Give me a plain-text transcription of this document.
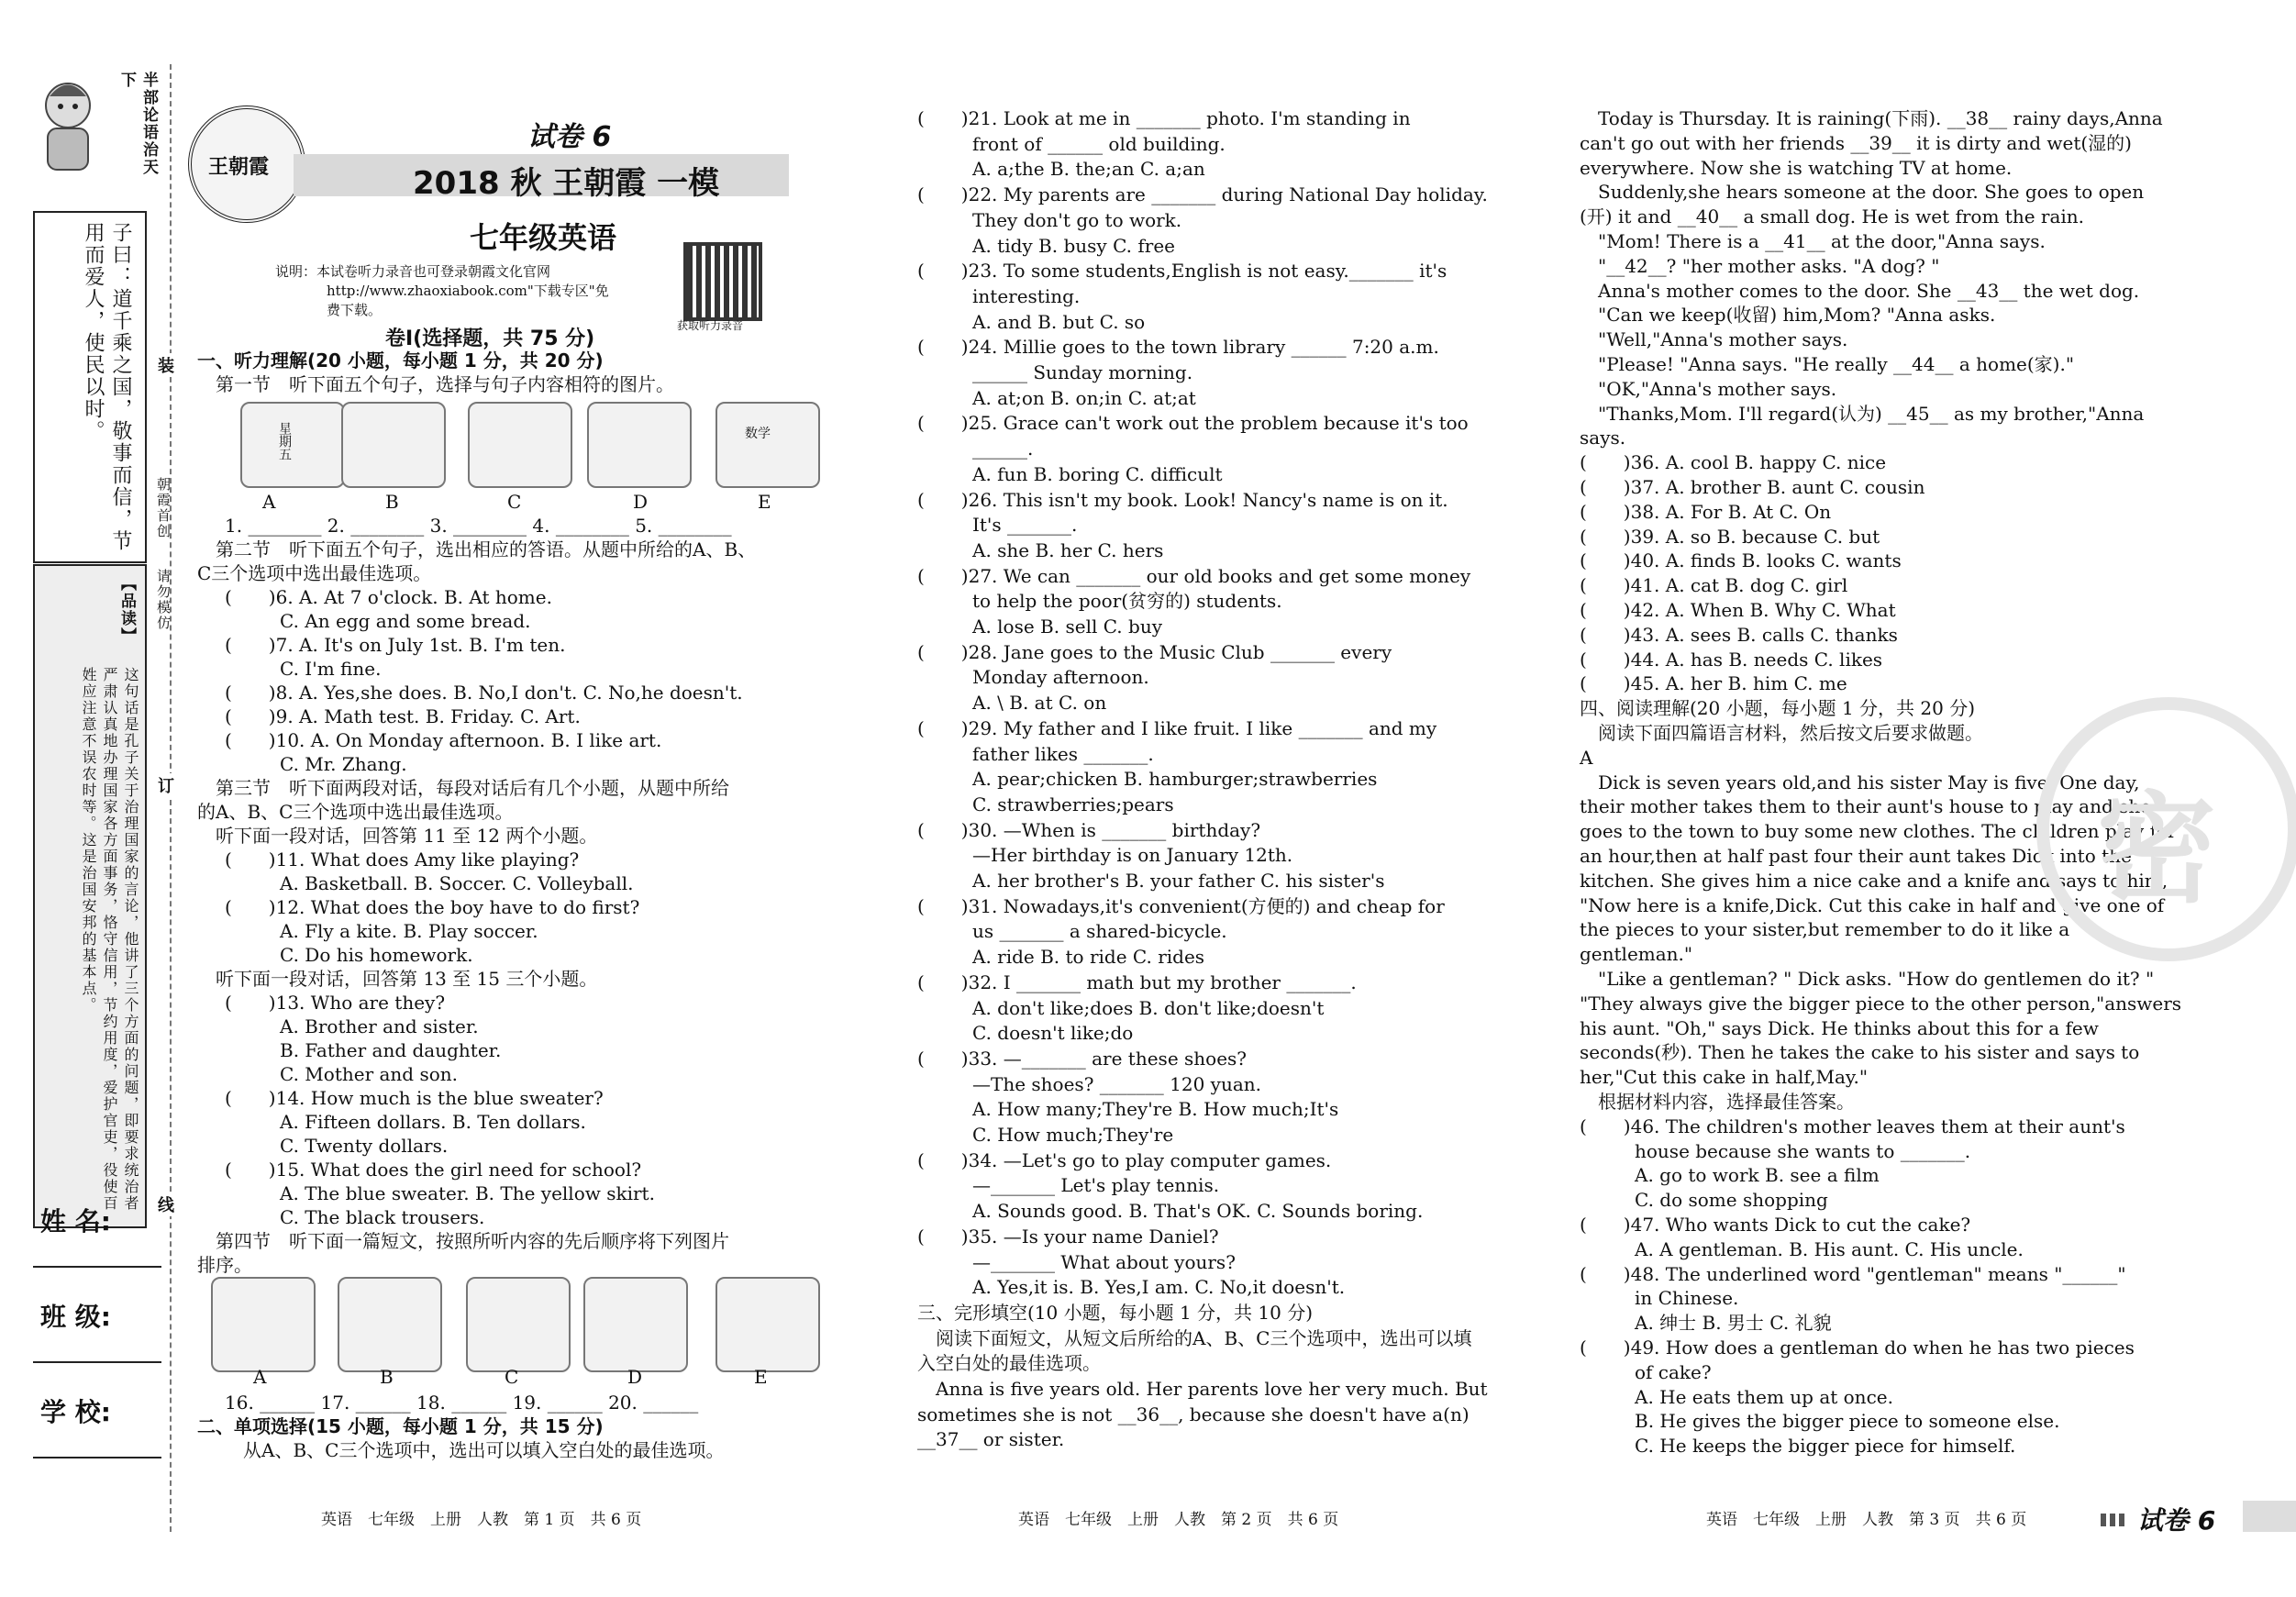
半部论语治天下
子曰：道千乘之国，敬事而信，节用而爱人，使民以时。
【品读】
这句话是孔子关于治理国家的言论，他讲了三个方面的问题，即要求统治者严肃认真地办理国家各方面事务，恪守信用，节约用度，爱护官吏，役使百姓应注意不误农时等。这是治国安邦的基本点。
姓 名:
班 级:
学 校:
装
订
线
朝霞首创
请勿模仿
王朝霞
试卷 6
2018 秋 王朝霞 一模
七年级英语
说明：本试卷听力录音也可登录朝霞文化官网
http://www.zhaoxiabook.com"下载专区"免
费下载。
获取听力录音
卷Ⅰ(选择题，共 75 分)
一、听力理解(20 小题，每小题 1 分，共 20 分)
　第一节　听下面五个句子，选择与句子内容相符的图片。
星期五	数学
A	B	C	D	E
1. ________ 2. ________ 3. ________ 4. ________ 5. ________
　第二节　听下面五个句子，选出相应的答语。从题中所给的A、B、
C三个选项中选出最佳选项。
(　　)6. A. At 7 o'clock. B. At home.
　　　C. An egg and some bread.
(　　)7. A. It's on July 1st. B. I'm ten.
　　　C. I'm fine.
(　　)8. A. Yes,she does. B. No,I don't. C. No,he doesn't.
(　　)9. A. Math test. B. Friday. C. Art.
(　　)10. A. On Monday afternoon. B. I like art.
　　　C. Mr. Zhang.
　第三节　听下面两段对话，每段对话后有几个小题，从题中所给
的A、B、C三个选项中选出最佳选项。
　听下面一段对话，回答第 11 至 12 两个小题。
(　　)11. What does Amy like playing?
　　　A. Basketball. B. Soccer. C. Volleyball.
(　　)12. What does the boy have to do first?
　　　A. Fly a kite. B. Play soccer.
　　　C. Do his homework.
　听下面一段对话，回答第 13 至 15 三个小题。
(　　)13. Who are they?
　　　A. Brother and sister.
　　　B. Father and daughter.
　　　C. Mother and son.
(　　)14. How much is the blue sweater?
　　　A. Fifteen dollars. B. Ten dollars.
　　　C. Twenty dollars.
(　　)15. What does the girl need for school?
　　　A. The blue sweater. B. The yellow skirt.
　　　C. The black trousers.
　第四节　听下面一篇短文，按照所听内容的先后顺序将下列图片
排序。
A	B	C	D	E
16. ______ 17. ______ 18. ______ 19. ______ 20. ______
二、单项选择(15 小题，每小题 1 分，共 15 分)
　从A、B、C三个选项中，选出可以填入空白处的最佳选项。
英语　七年级　上册　人教　第 1 页　共 6 页
(　　)21. Look at me in _______ photo. I'm standing in
　　　front of ______ old building.
　　　A. a;the B. the;an C. a;an
(　　)22. My parents are _______ during National Day holiday.
　　　They don't go to work.
　　　A. tidy B. busy C. free
(　　)23. To some students,English is not easy._______ it's
　　　interesting.
　　　A. and B. but C. so
(　　)24. Millie goes to the town library ______ 7:20 a.m.
　　　______ Sunday morning.
　　　A. at;on B. on;in C. at;at
(　　)25. Grace can't work out the problem because it's too
　　　______.
　　　A. fun B. boring C. difficult
(　　)26. This isn't my book. Look! Nancy's name is on it.
　　　It's _______.
　　　A. she B. her C. hers
(　　)27. We can _______ our old books and get some money
　　　to help the poor(贫穷的) students.
　　　A. lose B. sell C. buy
(　　)28. Jane goes to the Music Club _______ every
　　　Monday afternoon.
　　　A. \ B. at C. on
(　　)29. My father and I like fruit. I like _______ and my
　　　father likes _______.
　　　A. pear;chicken B. hamburger;strawberries
　　　C. strawberries;pears
(　　)30. —When is _______ birthday?
　　　—Her birthday is on January 12th.
　　　A. her brother's B. your father C. his sister's
(　　)31. Nowadays,it's convenient(方便的) and cheap for
　　　us _______ a shared-bicycle.
　　　A. ride B. to ride C. rides
(　　)32. I _______ math but my brother _______.
　　　A. don't like;does B. don't like;doesn't
　　　C. doesn't like;do
(　　)33. —_______ are these shoes?
　　　—The shoes? _______ 120 yuan.
　　　A. How many;They're B. How much;It's
　　　C. How much;They're
(　　)34. —Let's go to play computer games.
　　　—_______ Let's play tennis.
　　　A. Sounds good. B. That's OK. C. Sounds boring.
(　　)35. —Is your name Daniel?
　　　—_______ What about yours?
　　　A. Yes,it is. B. Yes,I am. C. No,it doesn't.
三、完形填空(10 小题，每小题 1 分，共 10 分)
　阅读下面短文，从短文后所给的A、B、C三个选项中，选出可以填
入空白处的最佳选项。
　Anna is five years old. Her parents love her very much. But
sometimes she is not __36__, because she doesn't have a(n)
__37__ or sister.
　Today is Thursday. It is raining(下雨). __38__ rainy days,Anna
can't go out with her friends __39__ it is dirty and wet(湿的)
everywhere. Now she is watching TV at home.
　Suddenly,she hears someone at the door. She goes to open
(开) it and __40__ a small dog. He is wet from the rain.
　"Mom! There is a __41__ at the door,"Anna says.
　"__42__? "her mother asks. "A dog? "
　Anna's mother comes to the door. She __43__ the wet dog.
　"Can we keep(收留) him,Mom? "Anna asks.
　"Well,"Anna's mother says.
　"Please! "Anna says. "He really __44__ a home(家)."
　"OK,"Anna's mother says.
　"Thanks,Mom. I'll regard(认为) __45__ as my brother,"Anna
says.
(　　)36. A. cool B. happy C. nice
(　　)37. A. brother B. aunt C. cousin
(　　)38. A. For B. At C. On
(　　)39. A. so B. because C. but
(　　)40. A. finds B. looks C. wants
(　　)41. A. cat B. dog C. girl
(　　)42. A. When B. Why C. What
(　　)43. A. sees B. calls C. thanks
(　　)44. A. has B. needs C. likes
(　　)45. A. her B. him C. me
四、阅读理解(20 小题，每小题 1 分，共 20 分)
　阅读下面四篇语言材料，然后按文后要求做题。
A
　Dick is seven years old,and his sister May is five. One day,
their mother takes them to their aunt's house to play and she
goes to the town to buy some new clothes. The children play for
an hour,then at half past four their aunt takes Dick into the
kitchen. She gives him a nice cake and a knife and says to him,
"Now here is a knife,Dick. Cut this cake in half and give one of
the pieces to your sister,but remember to do it like a
gentleman."
　"Like a gentleman? " Dick asks. "How do gentlemen do it? "
"They always give the bigger piece to the other person,"answers
his aunt. "Oh," says Dick. He thinks about this for a few
seconds(秒). Then he takes the cake to his sister and says to
her,"Cut this cake in half,May."
　根据材料内容，选择最佳答案。
(　　)46. The children's mother leaves them at their aunt's
　　　house because she wants to _______.
　　　A. go to work B. see a film
　　　C. do some shopping
(　　)47. Who wants Dick to cut the cake?
　　　A. A gentleman. B. His aunt. C. His uncle.
(　　)48. The underlined word "gentleman" means "______"
　　　in Chinese.
　　　A. 绅士 B. 男士 C. 礼貌
(　　)49. How does a gentleman do when he has two pieces
　　　of cake?
　　　A. He eats them up at once.
　　　B. He gives the bigger piece to someone else.
　　　C. He keeps the bigger piece for himself.
英语　七年级　上册　人教　第 2 页　共 6 页	英语　七年级　上册　人教　第 3 页　共 6 页	试卷 6
密
